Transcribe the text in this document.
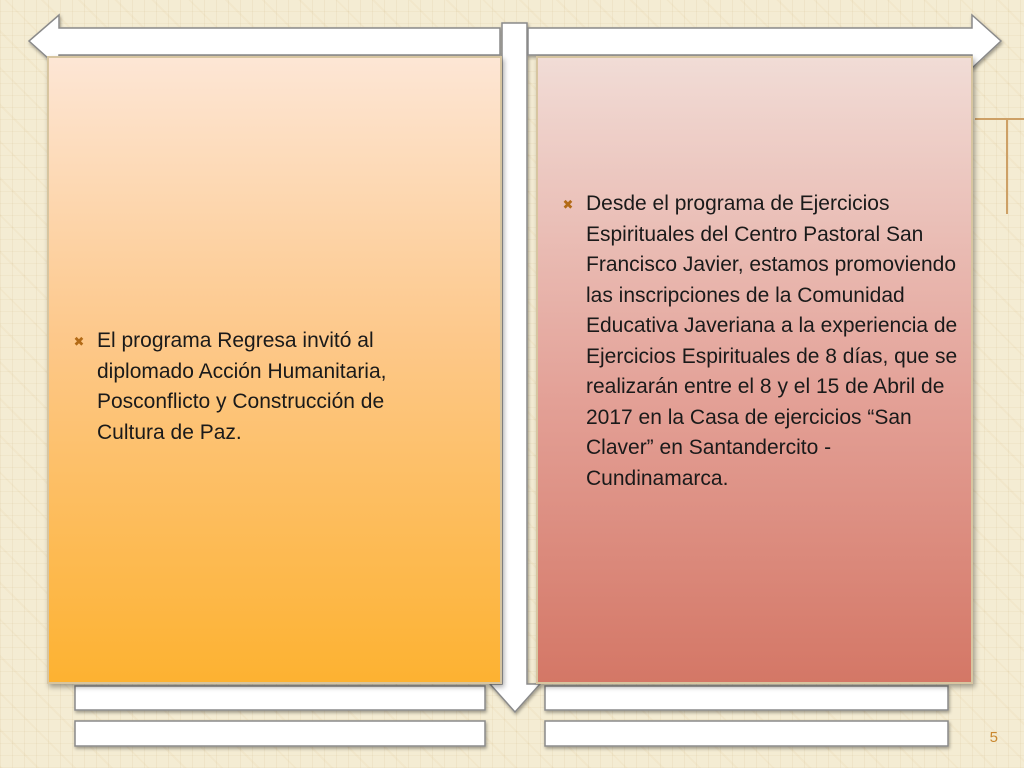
✖ El programa Regresa invitó al diplomado Acción Humanitaria, Posconflicto y Construcción de Cultura de Paz.
✖ Desde el programa de Ejercicios Espirituales del Centro Pastoral San Francisco Javier, estamos promoviendo las inscripciones de la Comunidad Educativa Javeriana a la experiencia de Ejercicios Espirituales de 8 días, que se realizarán entre el 8 y el 15 de Abril de 2017 en la Casa de ejercicios “San Claver” en Santandercito - Cundinamarca.
5
